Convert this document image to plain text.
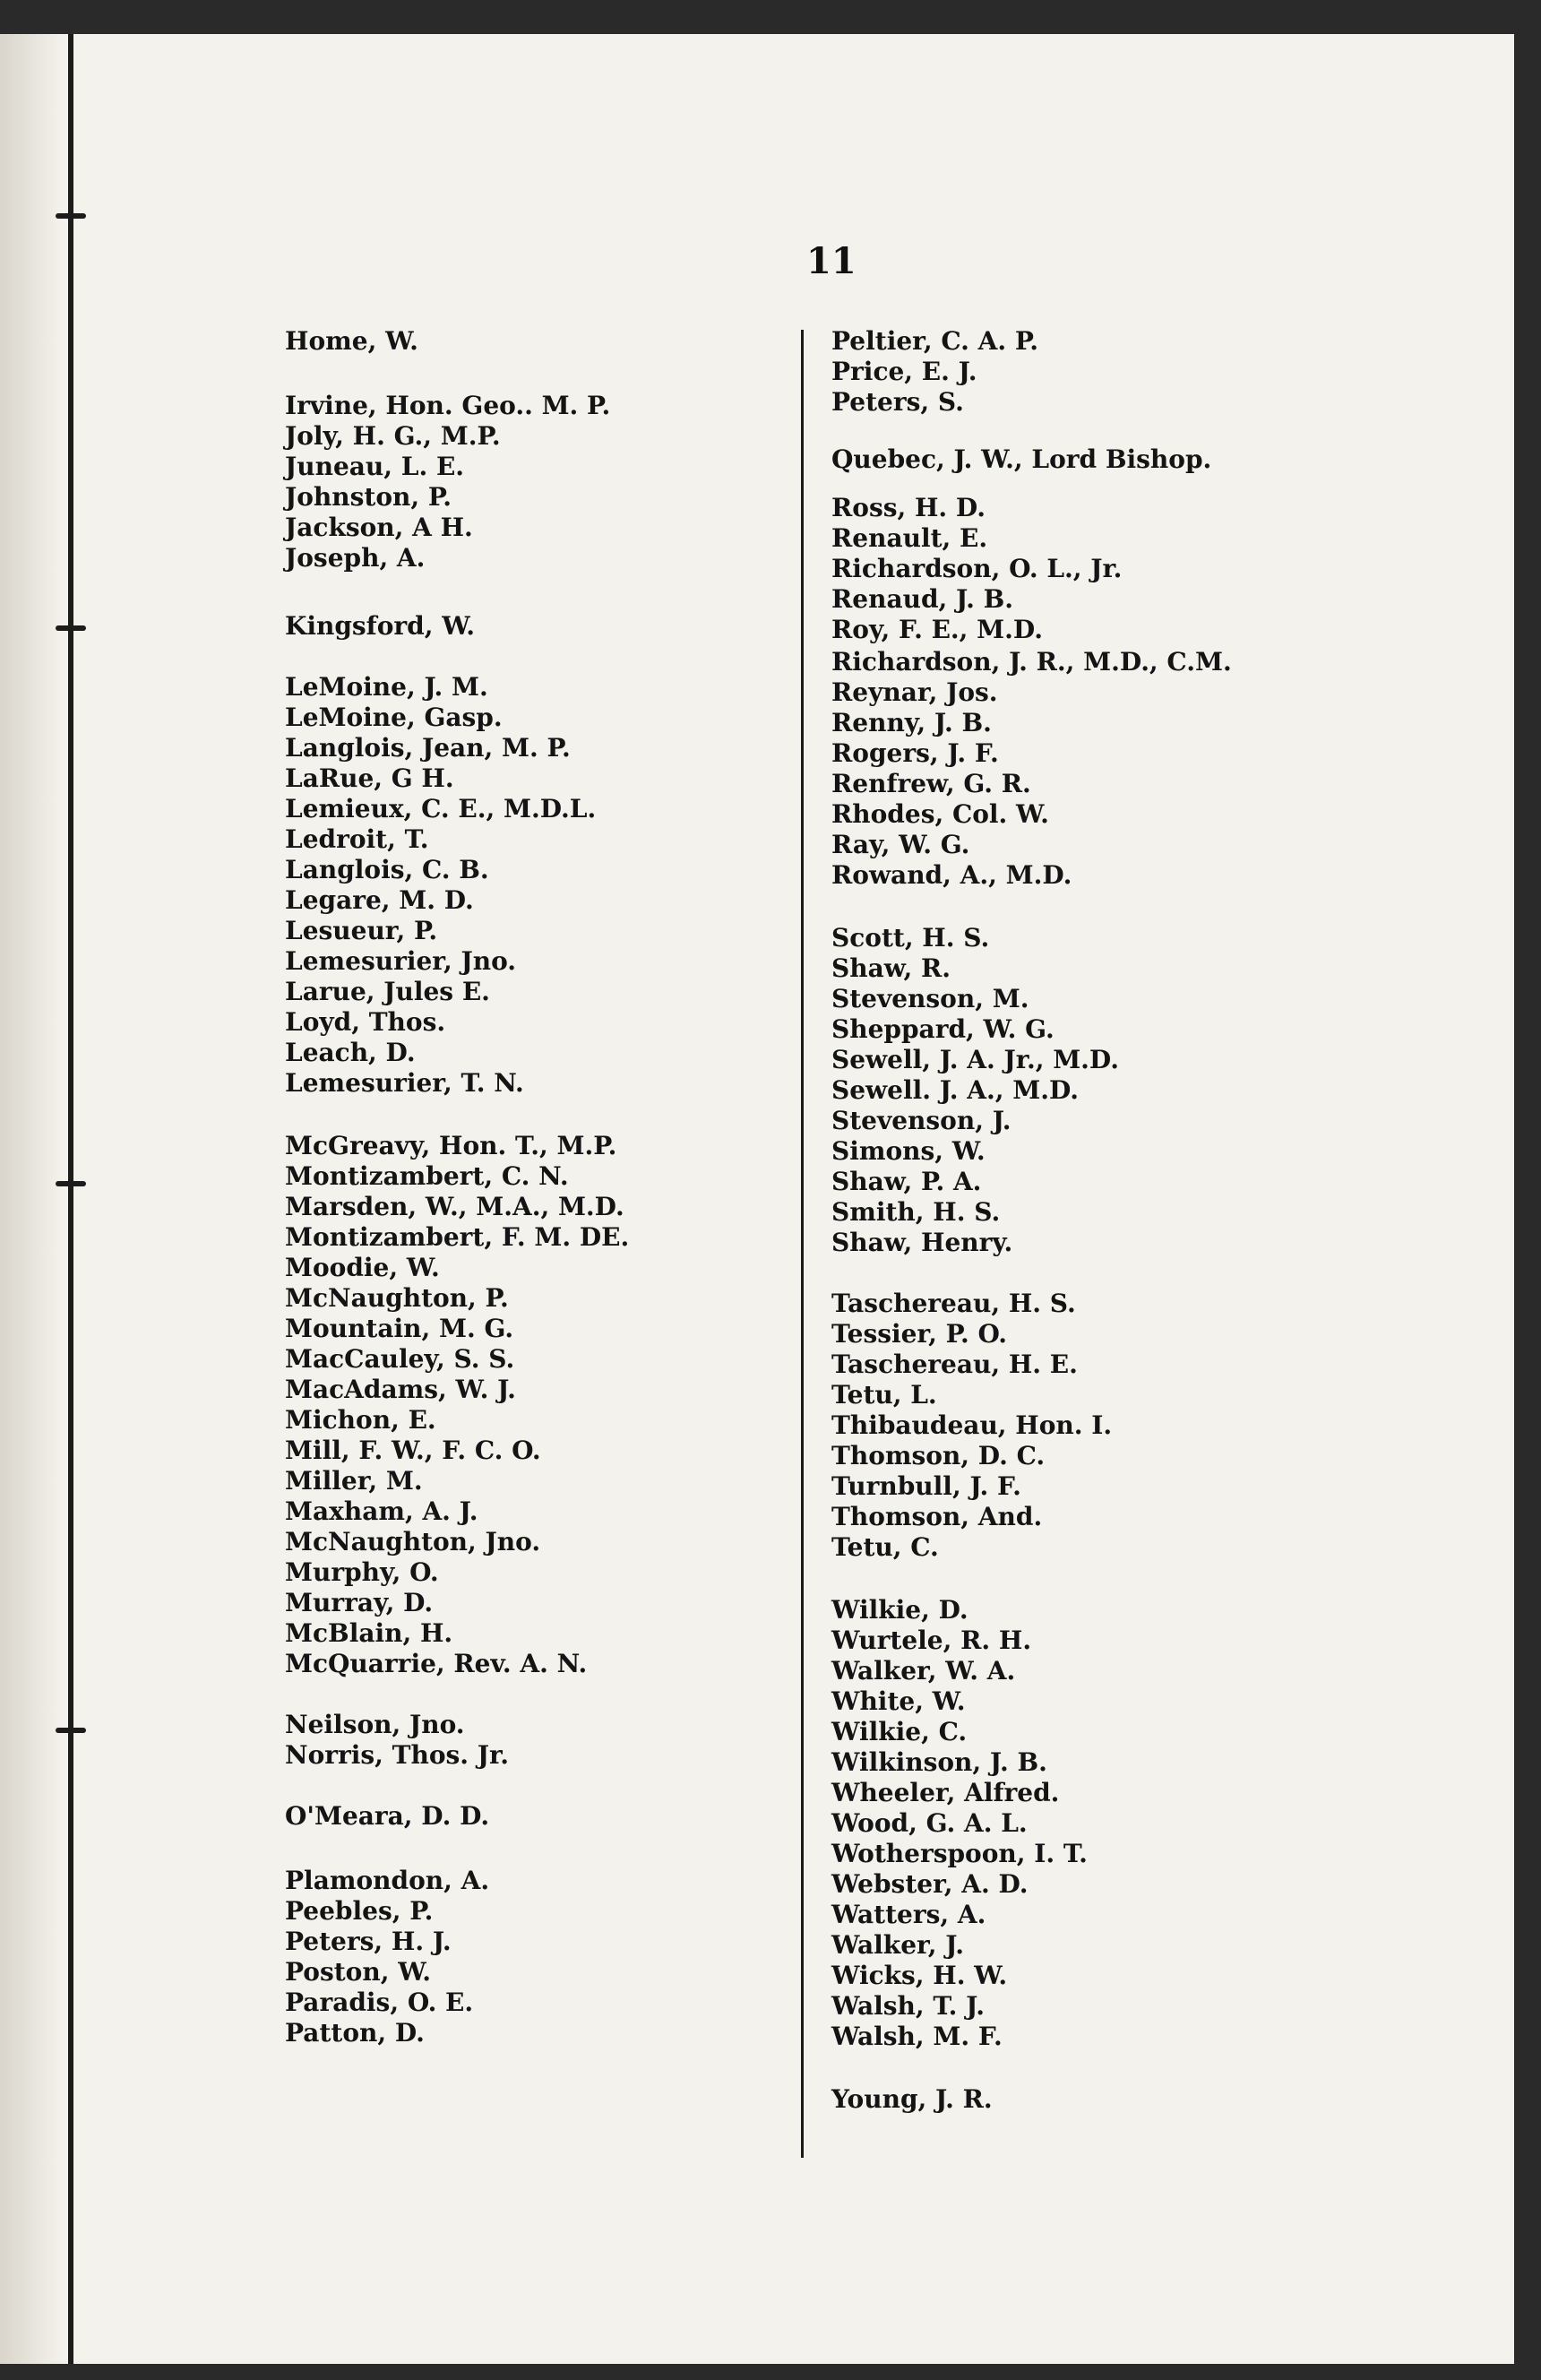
11
Home, W.
Irvine, Hon. Geo.. M. P.
Joly, H. G., M.P.
Juneau, L. E.
Johnston, P.
Jackson, A H.
Joseph, A.
Kingsford, W.
LeMoine, J. M.
LeMoine, Gasp.
Langlois, Jean, M. P.
LaRue, G H.
Lemieux, C. E., M.D.L.
Ledroit, T.
Langlois, C. B.
Legare, M. D.
Lesueur, P.
Lemesurier, Jno.
Larue, Jules E.
Loyd, Thos.
Leach, D.
Lemesurier, T. N.
McGreavy, Hon. T., M.P.
Montizambert, C. N.
Marsden, W., M.A., M.D.
Montizambert, F. M. DE.
Moodie, W.
McNaughton, P.
Mountain, M. G.
MacCauley, S. S.
MacAdams, W. J.
Michon, E.
Mill, F. W., F. C. O.
Miller, M.
Maxham, A. J.
McNaughton, Jno.
Murphy, O.
Murray, D.
McBlain, H.
McQuarrie, Rev. A. N.
Neilson, Jno.
Norris, Thos. Jr.
O'Meara, D. D.
Plamondon, A.
Peebles, P.
Peters, H. J.
Poston, W.
Paradis, O. E.
Patton, D.
Peltier, C. A. P.
Price, E. J.
Peters, S.
Quebec, J. W., Lord Bishop.
Ross, H. D.
Renault, E.
Richardson, O. L., Jr.
Renaud, J. B.
Roy, F. E., M.D.
Richardson, J. R., M.D., C.M.
Reynar, Jos.
Renny, J. B.
Rogers, J. F.
Renfrew, G. R.
Rhodes, Col. W.
Ray, W. G.
Rowand, A., M.D.
Scott, H. S.
Shaw, R.
Stevenson, M.
Sheppard, W. G.
Sewell, J. A. Jr., M.D.
Sewell. J. A., M.D.
Stevenson, J.
Simons, W.
Shaw, P. A.
Smith, H. S.
Shaw, Henry.
Taschereau, H. S.
Tessier, P. O.
Taschereau, H. E.
Tetu, L.
Thibaudeau, Hon. I.
Thomson, D. C.
Turnbull, J. F.
Thomson, And.
Tetu, C.
Wilkie, D.
Wurtele, R. H.
Walker, W. A.
White, W.
Wilkie, C.
Wilkinson, J. B.
Wheeler, Alfred.
Wood, G. A. L.
Wotherspoon, I. T.
Webster, A. D.
Watters, A.
Walker, J.
Wicks, H. W.
Walsh, T. J.
Walsh, M. F.
Young, J. R.
